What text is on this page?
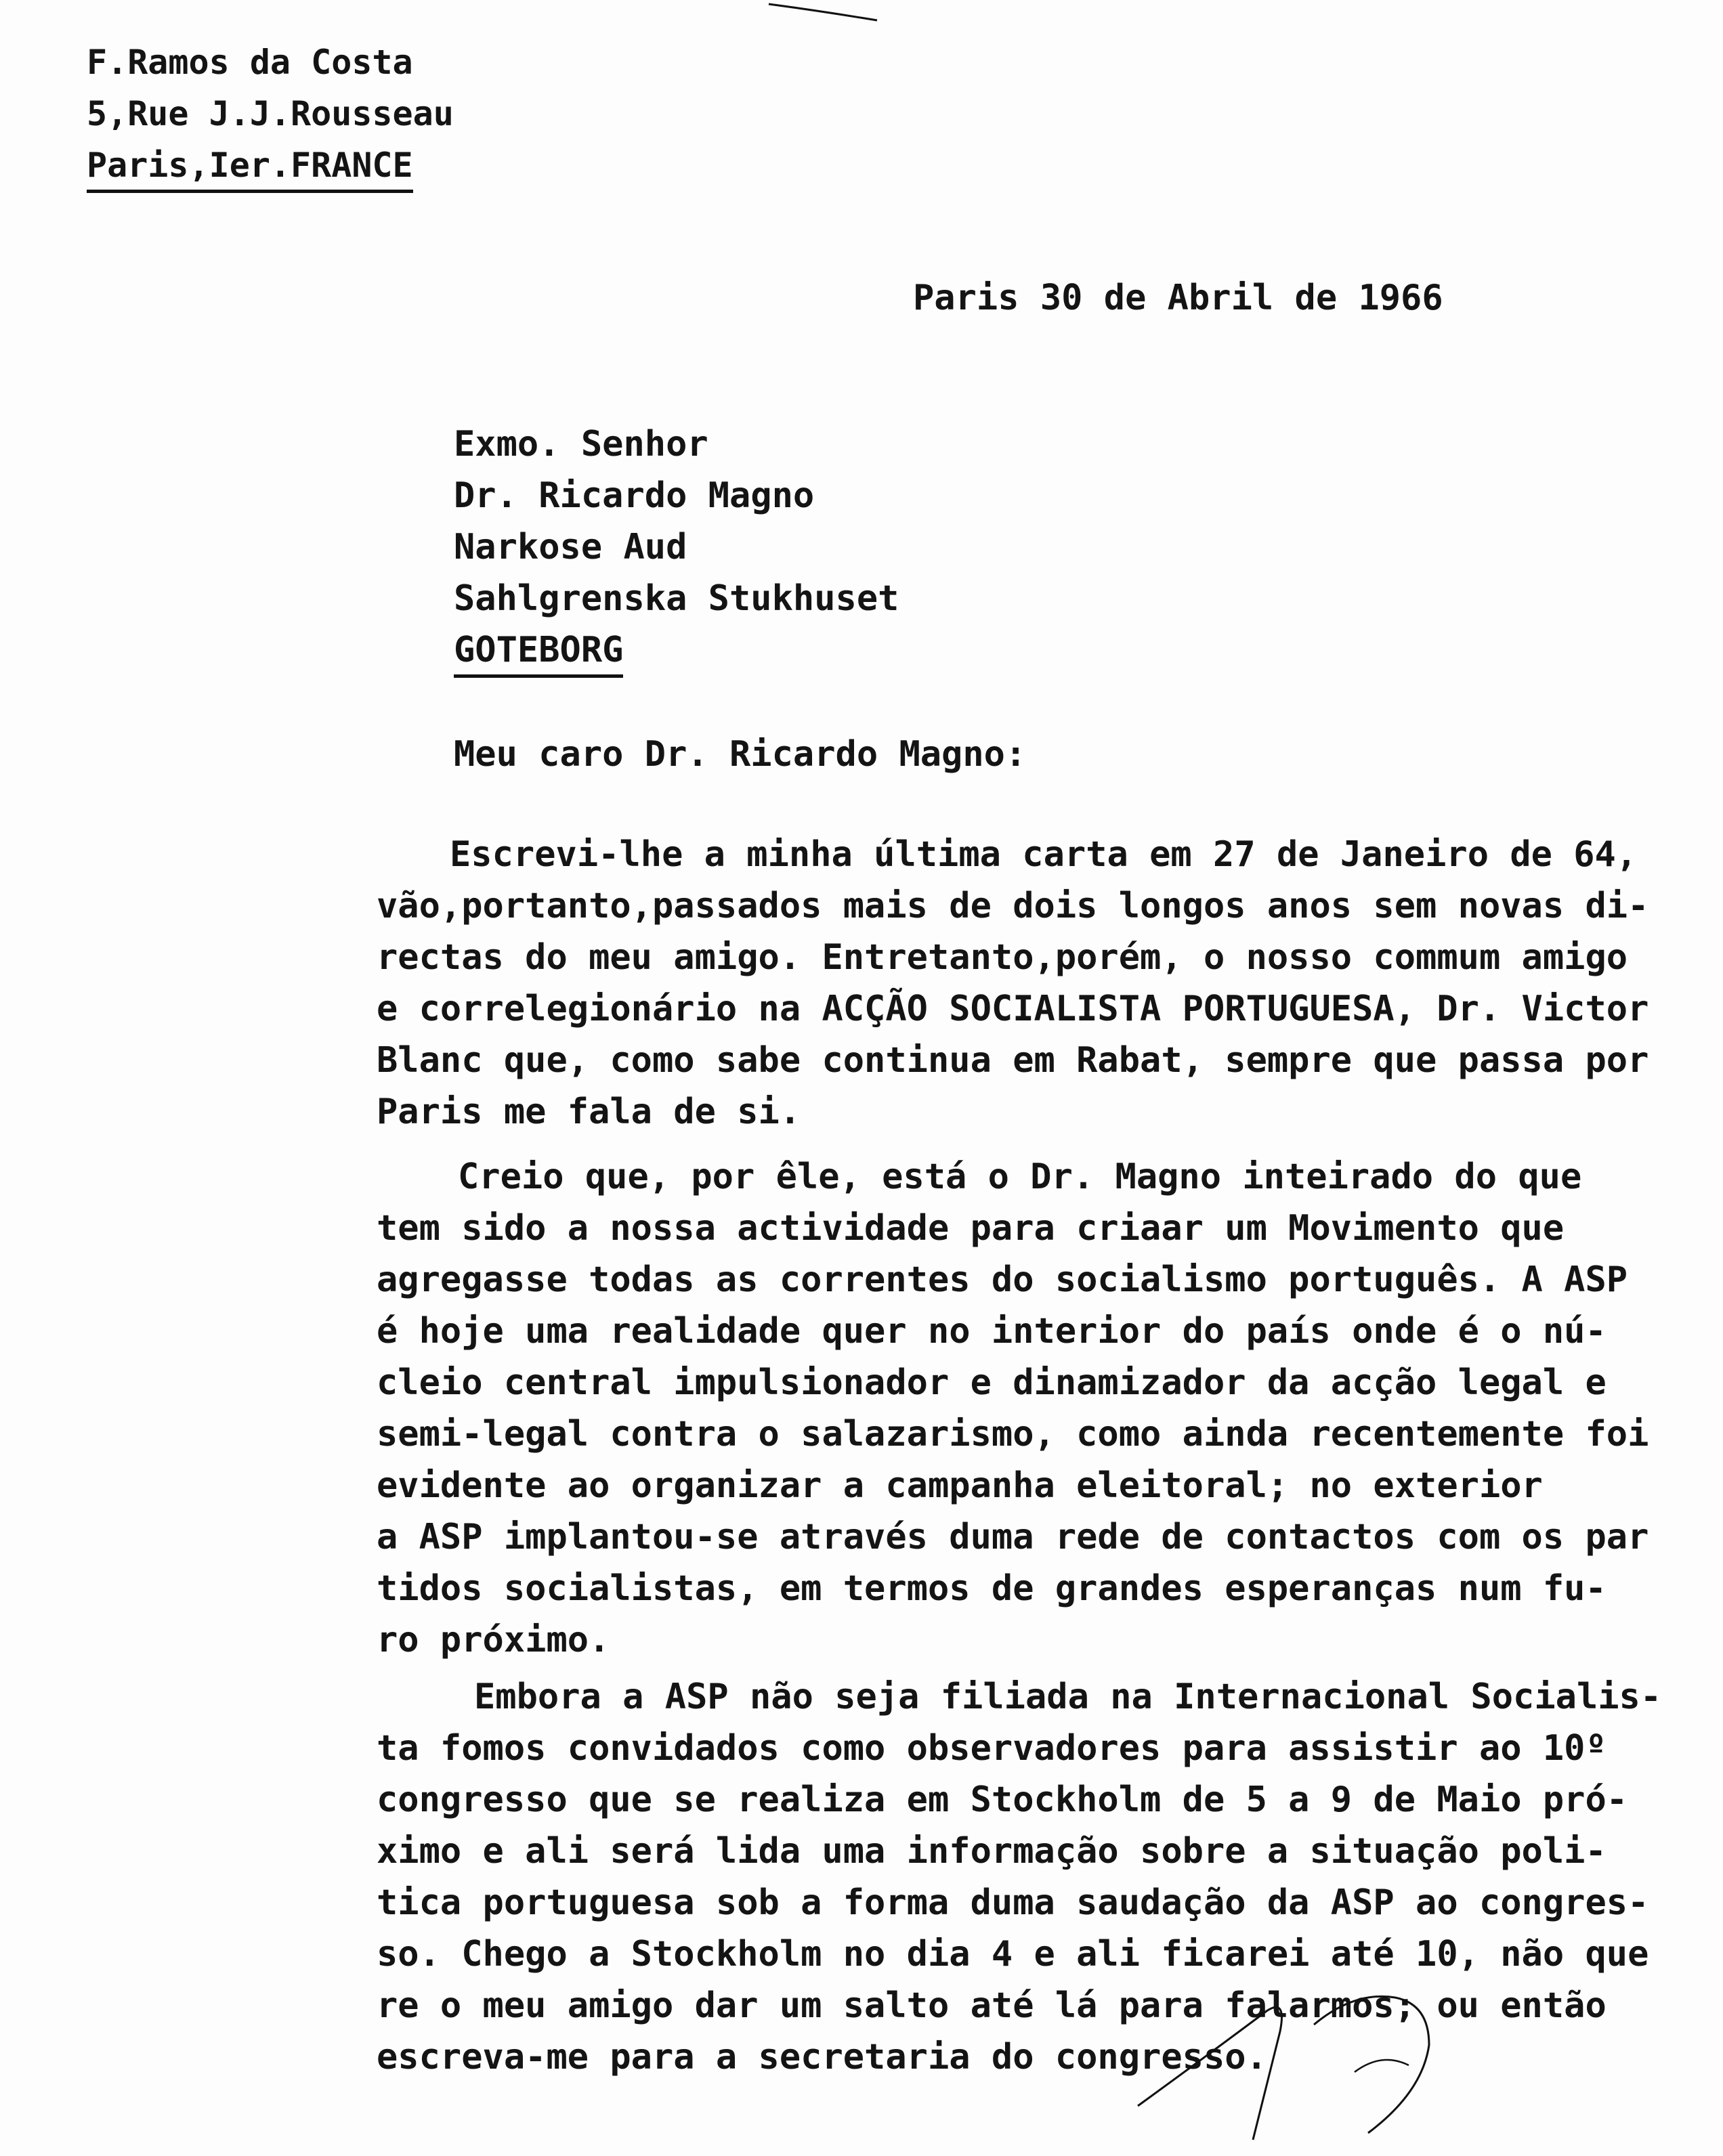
F.Ramos da Costa
5,Rue J.J.Rousseau
Paris,Ier.FRANCE
Paris 30 de Abril de 1966
Exmo. Senhor
Dr. Ricardo Magno
Narkose Aud
Sahlgrenska Stukhuset
GOTEBORG
Meu caro Dr. Ricardo Magno:
Escrevi-lhe a minha última carta em 27 de Janeiro de 64,
vão,portanto,passados mais de dois longos anos sem novas di-
rectas do meu amigo. Entretanto,porém, o nosso commum amigo
e correlegionário na ACÇÃO SOCIALISTA PORTUGUESA, Dr. Victor
Blanc que, como sabe continua em Rabat, sempre que passa por
Paris me fala de si.
Creio que, por êle, está o Dr. Magno inteirado do que
tem sido a nossa actividade para criaar um Movimento que
agregasse todas as correntes do socialismo português. A ASP
é hoje uma realidade quer no interior do país onde é o nú-
cleio central impulsionador e dinamizador da acção legal e
semi-legal contra o salazarismo, como ainda recentemente foi
evidente ao organizar a campanha eleitoral; no exterior
a ASP implantou-se através duma rede de contactos com os par
tidos socialistas, em termos de grandes esperanças num fu-
ro próximo.
Embora a ASP não seja filiada na Internacional Socialis-
ta fomos convidados como observadores para assistir ao 10º
congresso que se realiza em Stockholm de 5 a 9 de Maio pró-
ximo e ali será lida uma informação sobre a situação poli-
tica portuguesa sob a forma duma saudação da ASP ao congres-
so. Chego a Stockholm no dia 4 e ali ficarei até 10, não que
re o meu amigo dar um salto até lá para falarmos; ou então
escreva-me para a secretaria do congresso.
